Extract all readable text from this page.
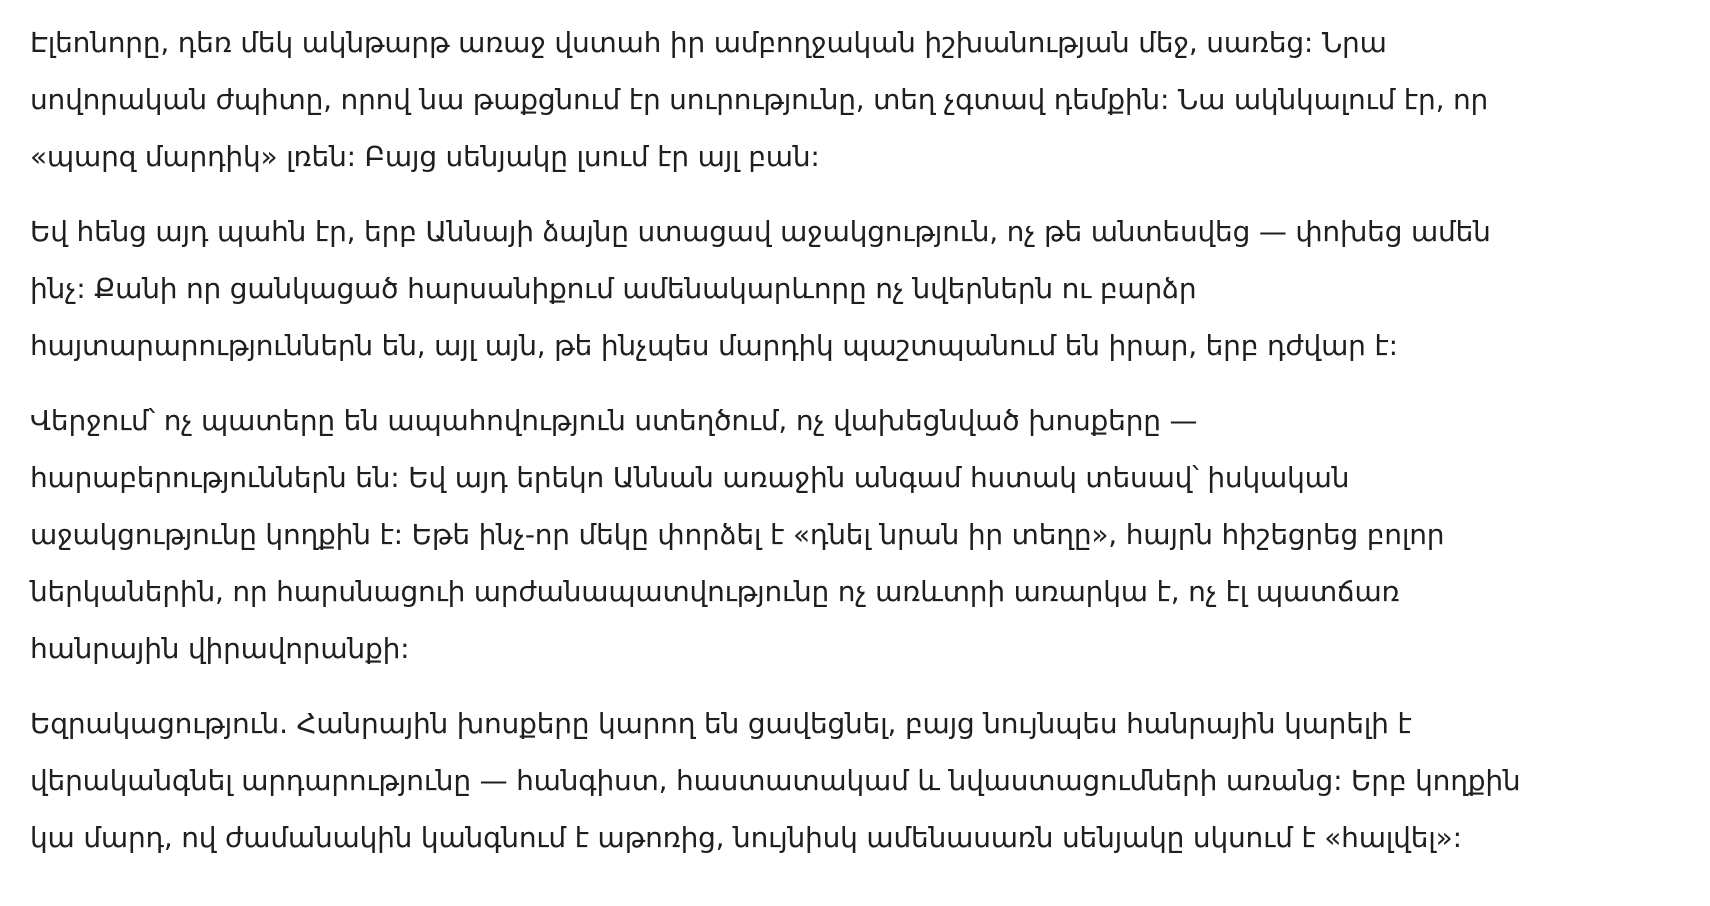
Էլեոնորը, դեռ մեկ ակնթարթ առաջ վստահ իր ամբողջական իշխանության մեջ, սառեց: Նրա
սովորական ժպիտը, որով նա թաքցնում էր սուրությունը, տեղ չգտավ դեմքին: Նա ակնկալում էր, որ
«պարզ մարդիկ» լռեն: Բայց սենյակը լսում էր այլ բան:

Եվ հենց այդ պահն էր, երբ Աննայի ձայնը ստացավ աջակցություն, ոչ թե անտեսվեց — փոխեց ամեն
ինչ: Քանի որ ցանկացած հարսանիքում ամենակարևորը ոչ նվերներն ու բարձր
հայտարարություններն են, այլ այն, թե ինչպես մարդիկ պաշտպանում են իրար, երբ դժվար է:

Վերջում՝ ոչ պատերը են ապահովություն ստեղծում, ոչ վախեցնված խոսքերը —
հարաբերություններն են: Եվ այդ երեկո Աննան առաջին անգամ հստակ տեսավ՝ իսկական
աջակցությունը կողքին է: Եթե ինչ-որ մեկը փորձել է «դնել նրան իր տեղը», հայրն հիշեցրեց բոլոր
ներկաներին, որ հարսնացուի արժանապատվությունը ոչ առևտրի առարկա է, ոչ էլ պատճառ
հանրային վիրավորանքի:

Եզրակացություն. Հանրային խոսքերը կարող են ցավեցնել, բայց նույնպես հանրային կարելի է
վերականգնել արդարությունը — հանգիստ, հաստատակամ և նվաստացումների առանց: Երբ կողքին
կա մարդ, ով ժամանակին կանգնում է աթոռից, նույնիսկ ամենասառն սենյակը սկսում է «հալվել»:
